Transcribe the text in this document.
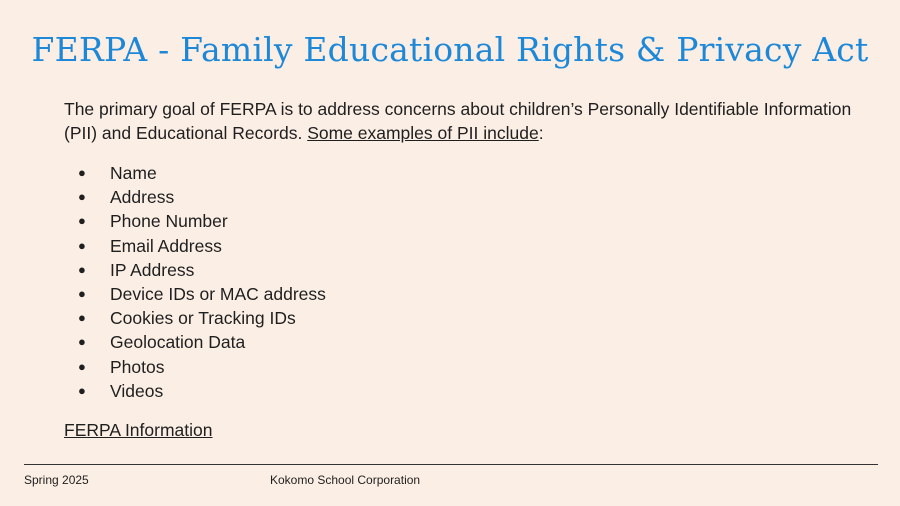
FERPA - Family Educational Rights & Privacy Act
The primary goal of FERPA is to address concerns about children’s Personally Identifiable Information (PII) and Educational Records. Some examples of PII include:
● Name
● Address
● Phone Number
● Email Address
● IP Address
● Device IDs or MAC address
● Cookies or Tracking IDs
● Geolocation Data
● Photos
● Videos
FERPA Information
Spring 2025	Kokomo School Corporation
